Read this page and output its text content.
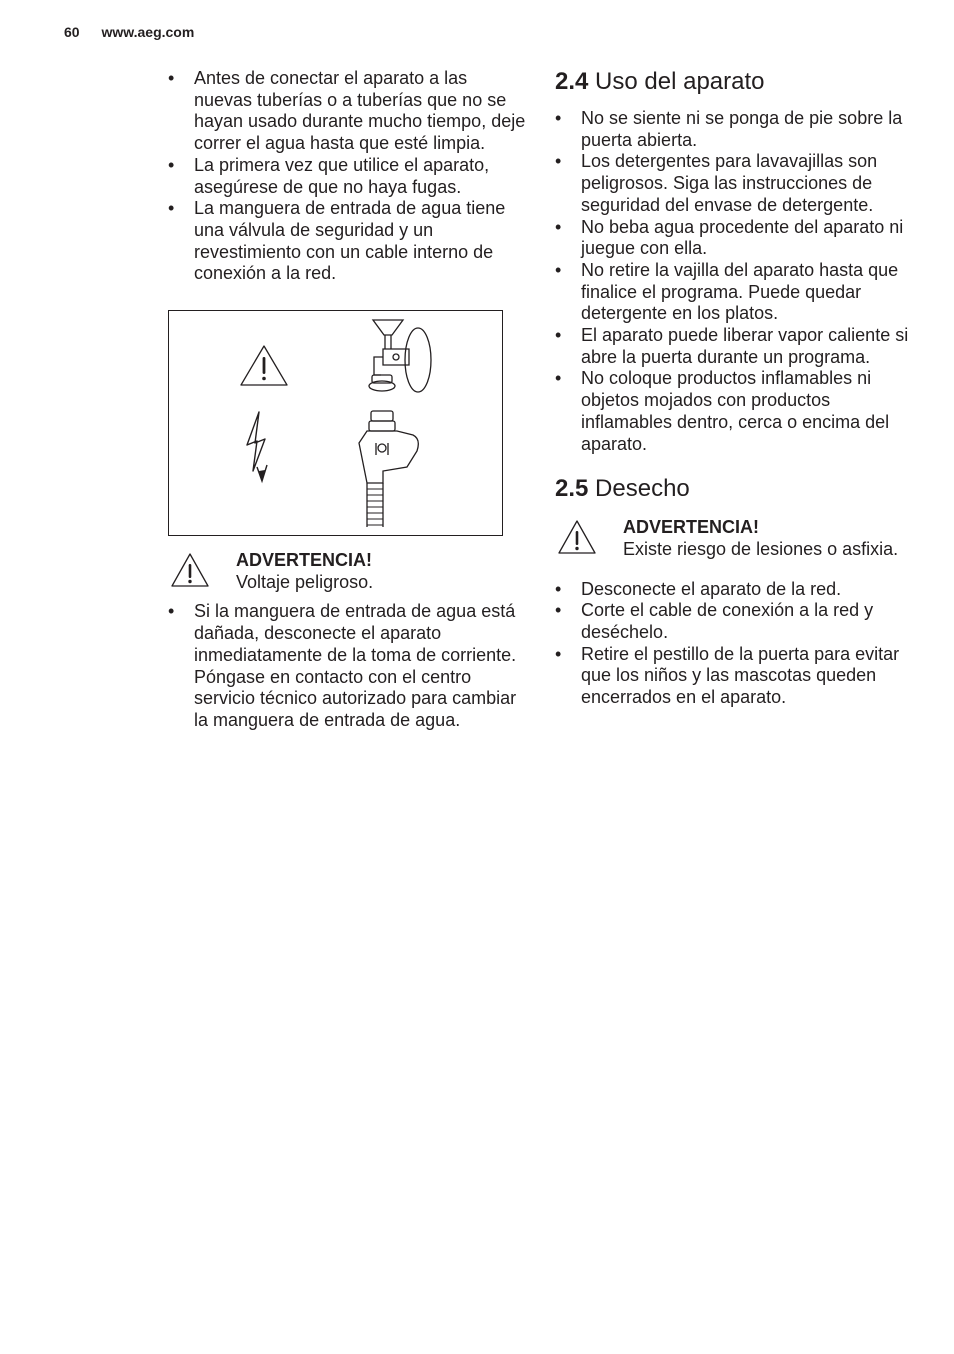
60 www.aeg.com
• Antes de conectar el aparato a las nuevas tuberías o a tuberías que no se hayan usado durante mucho tiempo, deje correr el agua hasta que esté limpia.
• La primera vez que utilice el aparato, asegúrese de que no haya fugas.
• La manguera de entrada de agua tiene una válvula de seguridad y un revestimiento con un cable interno de conexión a la red.
ADVERTENCIA!
Voltaje peligroso.
• Si la manguera de entrada de agua está dañada, desconecte el aparato inmediatamente de la toma de corriente. Póngase en contacto con el centro servicio técnico autorizado para cambiar la manguera de entrada de agua.
2.4 Uso del aparato
• No se siente ni se ponga de pie sobre la puerta abierta.
• Los detergentes para lavavajillas son peligrosos. Siga las instrucciones de seguridad del envase de detergente.
• No beba agua procedente del aparato ni juegue con ella.
• No retire la vajilla del aparato hasta que finalice el programa. Puede quedar detergente en los platos.
• El aparato puede liberar vapor caliente si abre la puerta durante un programa.
• No coloque productos inflamables ni objetos mojados con productos inflamables dentro, cerca o encima del aparato.
2.5 Desecho
ADVERTENCIA!
Existe riesgo de lesiones o asfixia.
• Desconecte el aparato de la red.
• Corte el cable de conexión a la red y deséchelo.
• Retire el pestillo de la puerta para evitar que los niños y las mascotas queden encerrados en el aparato.
